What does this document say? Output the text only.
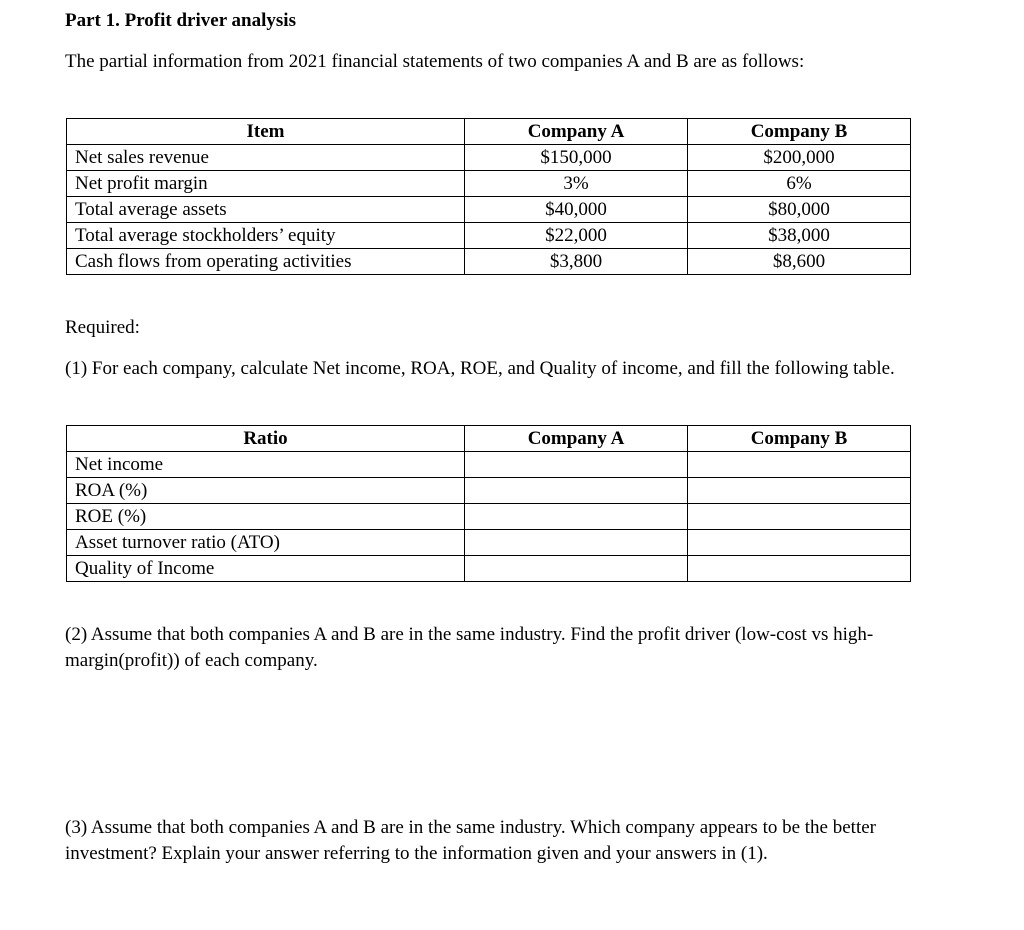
Part 1. Profit driver analysis
The partial information from 2021 financial statements of two companies A and B are as follows:
Item	Company A	Company B
Net sales revenue	$150,000	$200,000
Net profit margin	3%	6%
Total average assets	$40,000	$80,000
Total average stockholders’ equity	$22,000	$38,000
Cash flows from operating activities	$3,800	$8,600
Required:
(1) For each company, calculate Net income, ROA, ROE, and Quality of income, and fill the following table.
Ratio	Company A	Company B
Net income		
ROA (%)		
ROE (%)		
Asset turnover ratio (ATO)		
Quality of Income		
(2) Assume that both companies A and B are in the same industry. Find the profit driver (low-cost vs high-margin(profit)) of each company.
(3) Assume that both companies A and B are in the same industry. Which company appears to be the better investment? Explain your answer referring to the information given and your answers in (1).
